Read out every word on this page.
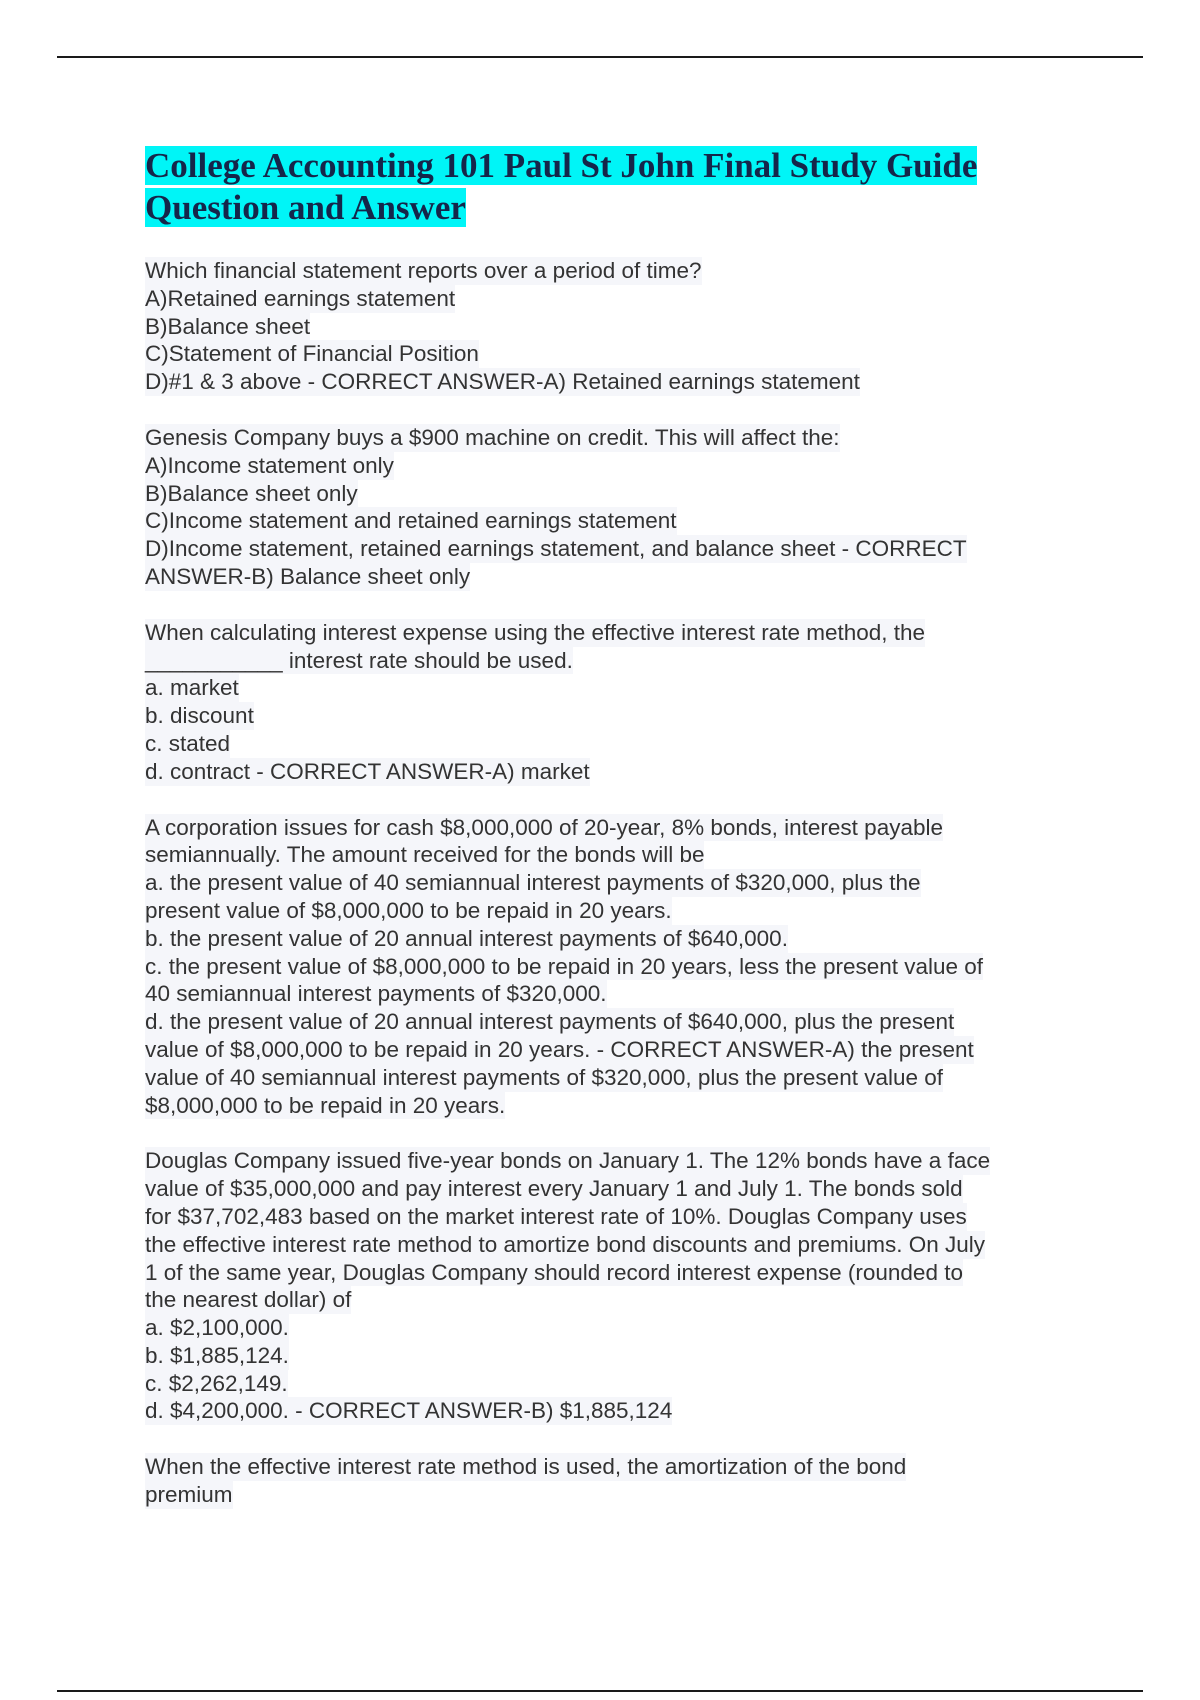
College Accounting 101 Paul St John Final Study Guide Question and Answer
Which financial statement reports over a period of time?
A)Retained earnings statement
B)Balance sheet
C)Statement of Financial Position
D)#1 & 3 above - CORRECT ANSWER-A) Retained earnings statement
Genesis Company buys a $900 machine on credit. This will affect the:
A)Income statement only
B)Balance sheet only
C)Income statement and retained earnings statement
D)Income statement, retained earnings statement, and balance sheet - CORRECT
ANSWER-B) Balance sheet only
When calculating interest expense using the effective interest rate method, the
___________ interest rate should be used.
a. market
b. discount
c. stated
d. contract - CORRECT ANSWER-A) market
A corporation issues for cash $8,000,000 of 20-year, 8% bonds, interest payable
semiannually. The amount received for the bonds will be
a. the present value of 40 semiannual interest payments of $320,000, plus the
present value of $8,000,000 to be repaid in 20 years.
b. the present value of 20 annual interest payments of $640,000.
c. the present value of $8,000,000 to be repaid in 20 years, less the present value of
40 semiannual interest payments of $320,000.
d. the present value of 20 annual interest payments of $640,000, plus the present
value of $8,000,000 to be repaid in 20 years. - CORRECT ANSWER-A) the present
value of 40 semiannual interest payments of $320,000, plus the present value of
$8,000,000 to be repaid in 20 years.
Douglas Company issued five-year bonds on January 1. The 12% bonds have a face
value of $35,000,000 and pay interest every January 1 and July 1. The bonds sold
for $37,702,483 based on the market interest rate of 10%. Douglas Company uses
the effective interest rate method to amortize bond discounts and premiums. On July
1 of the same year, Douglas Company should record interest expense (rounded to
the nearest dollar) of
a. $2,100,000.
b. $1,885,124.
c. $2,262,149.
d. $4,200,000. - CORRECT ANSWER-B) $1,885,124
When the effective interest rate method is used, the amortization of the bond
premium
